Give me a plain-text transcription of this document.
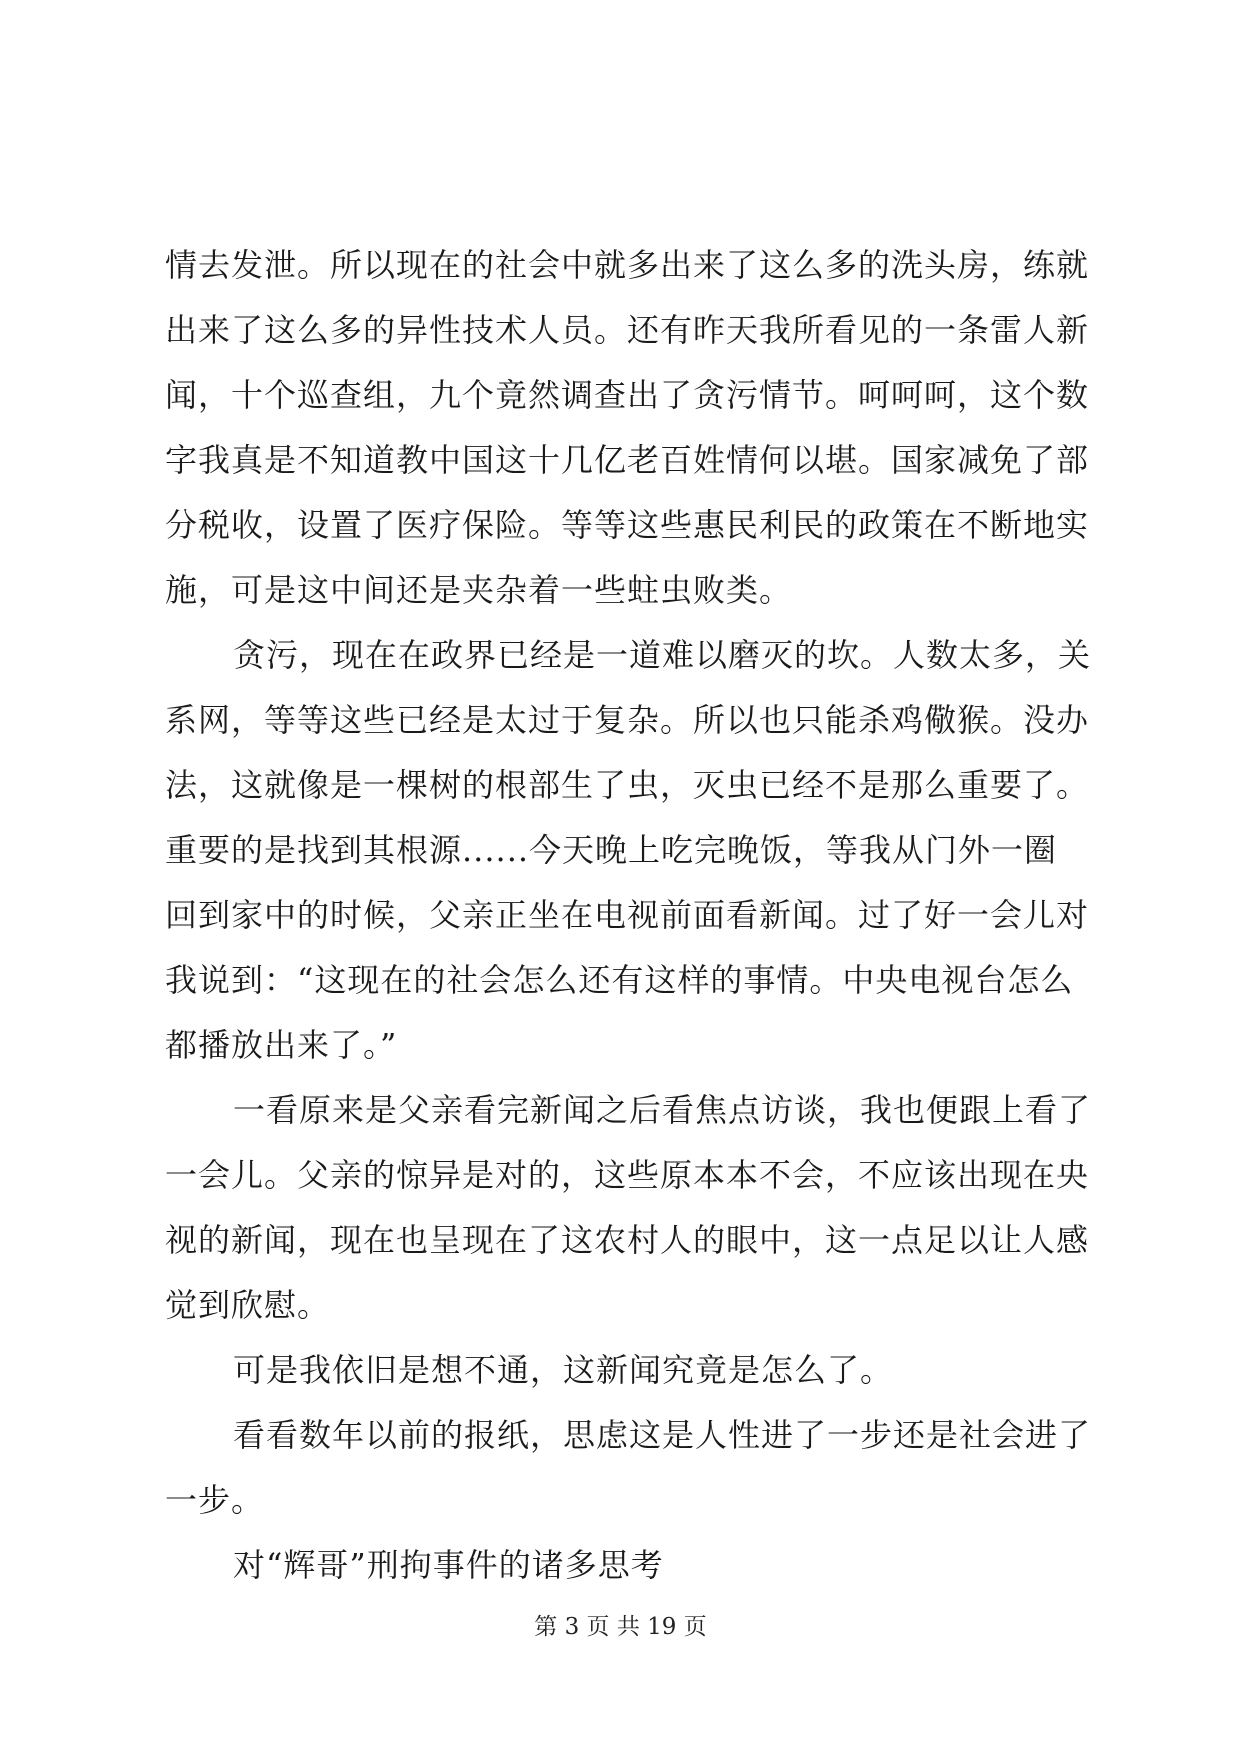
情去发泄。所以现在的社会中就多出来了这么多的洗头房，练就
出来了这么多的异性技术人员。还有昨天我所看见的一条雷人新
闻，十个巡查组，九个竟然调查出了贪污情节。呵呵呵，这个数
字我真是不知道教中国这十几亿老百姓情何以堪。国家减免了部
分税收，设置了医疗保险。等等这些惠民利民的政策在不断地实
施，可是这中间还是夹杂着一些蛀虫败类。
贪污，现在在政界已经是一道难以磨灭的坎。人数太多，关
系网，等等这些已经是太过于复杂。所以也只能杀鸡儆猴。没办
法，这就像是一棵树的根部生了虫，灭虫已经不是那么重要了。
重要的是找到其根源......今天晚上吃完晚饭，等我从门外一圈
回到家中的时候，父亲正坐在电视前面看新闻。过了好一会儿对
我说到：“这现在的社会怎么还有这样的事情。中央电视台怎么
都播放出来了。”
一看原来是父亲看完新闻之后看焦点访谈，我也便跟上看了
一会儿。父亲的惊异是对的，这些原本本不会，不应该出现在央
视的新闻，现在也呈现在了这农村人的眼中，这一点足以让人感
觉到欣慰。
可是我依旧是想不通，这新闻究竟是怎么了。
看看数年以前的报纸，思虑这是人性进了一步还是社会进了
一步。
对“辉哥”刑拘事件的诸多思考
第 3 页 共 19 页
